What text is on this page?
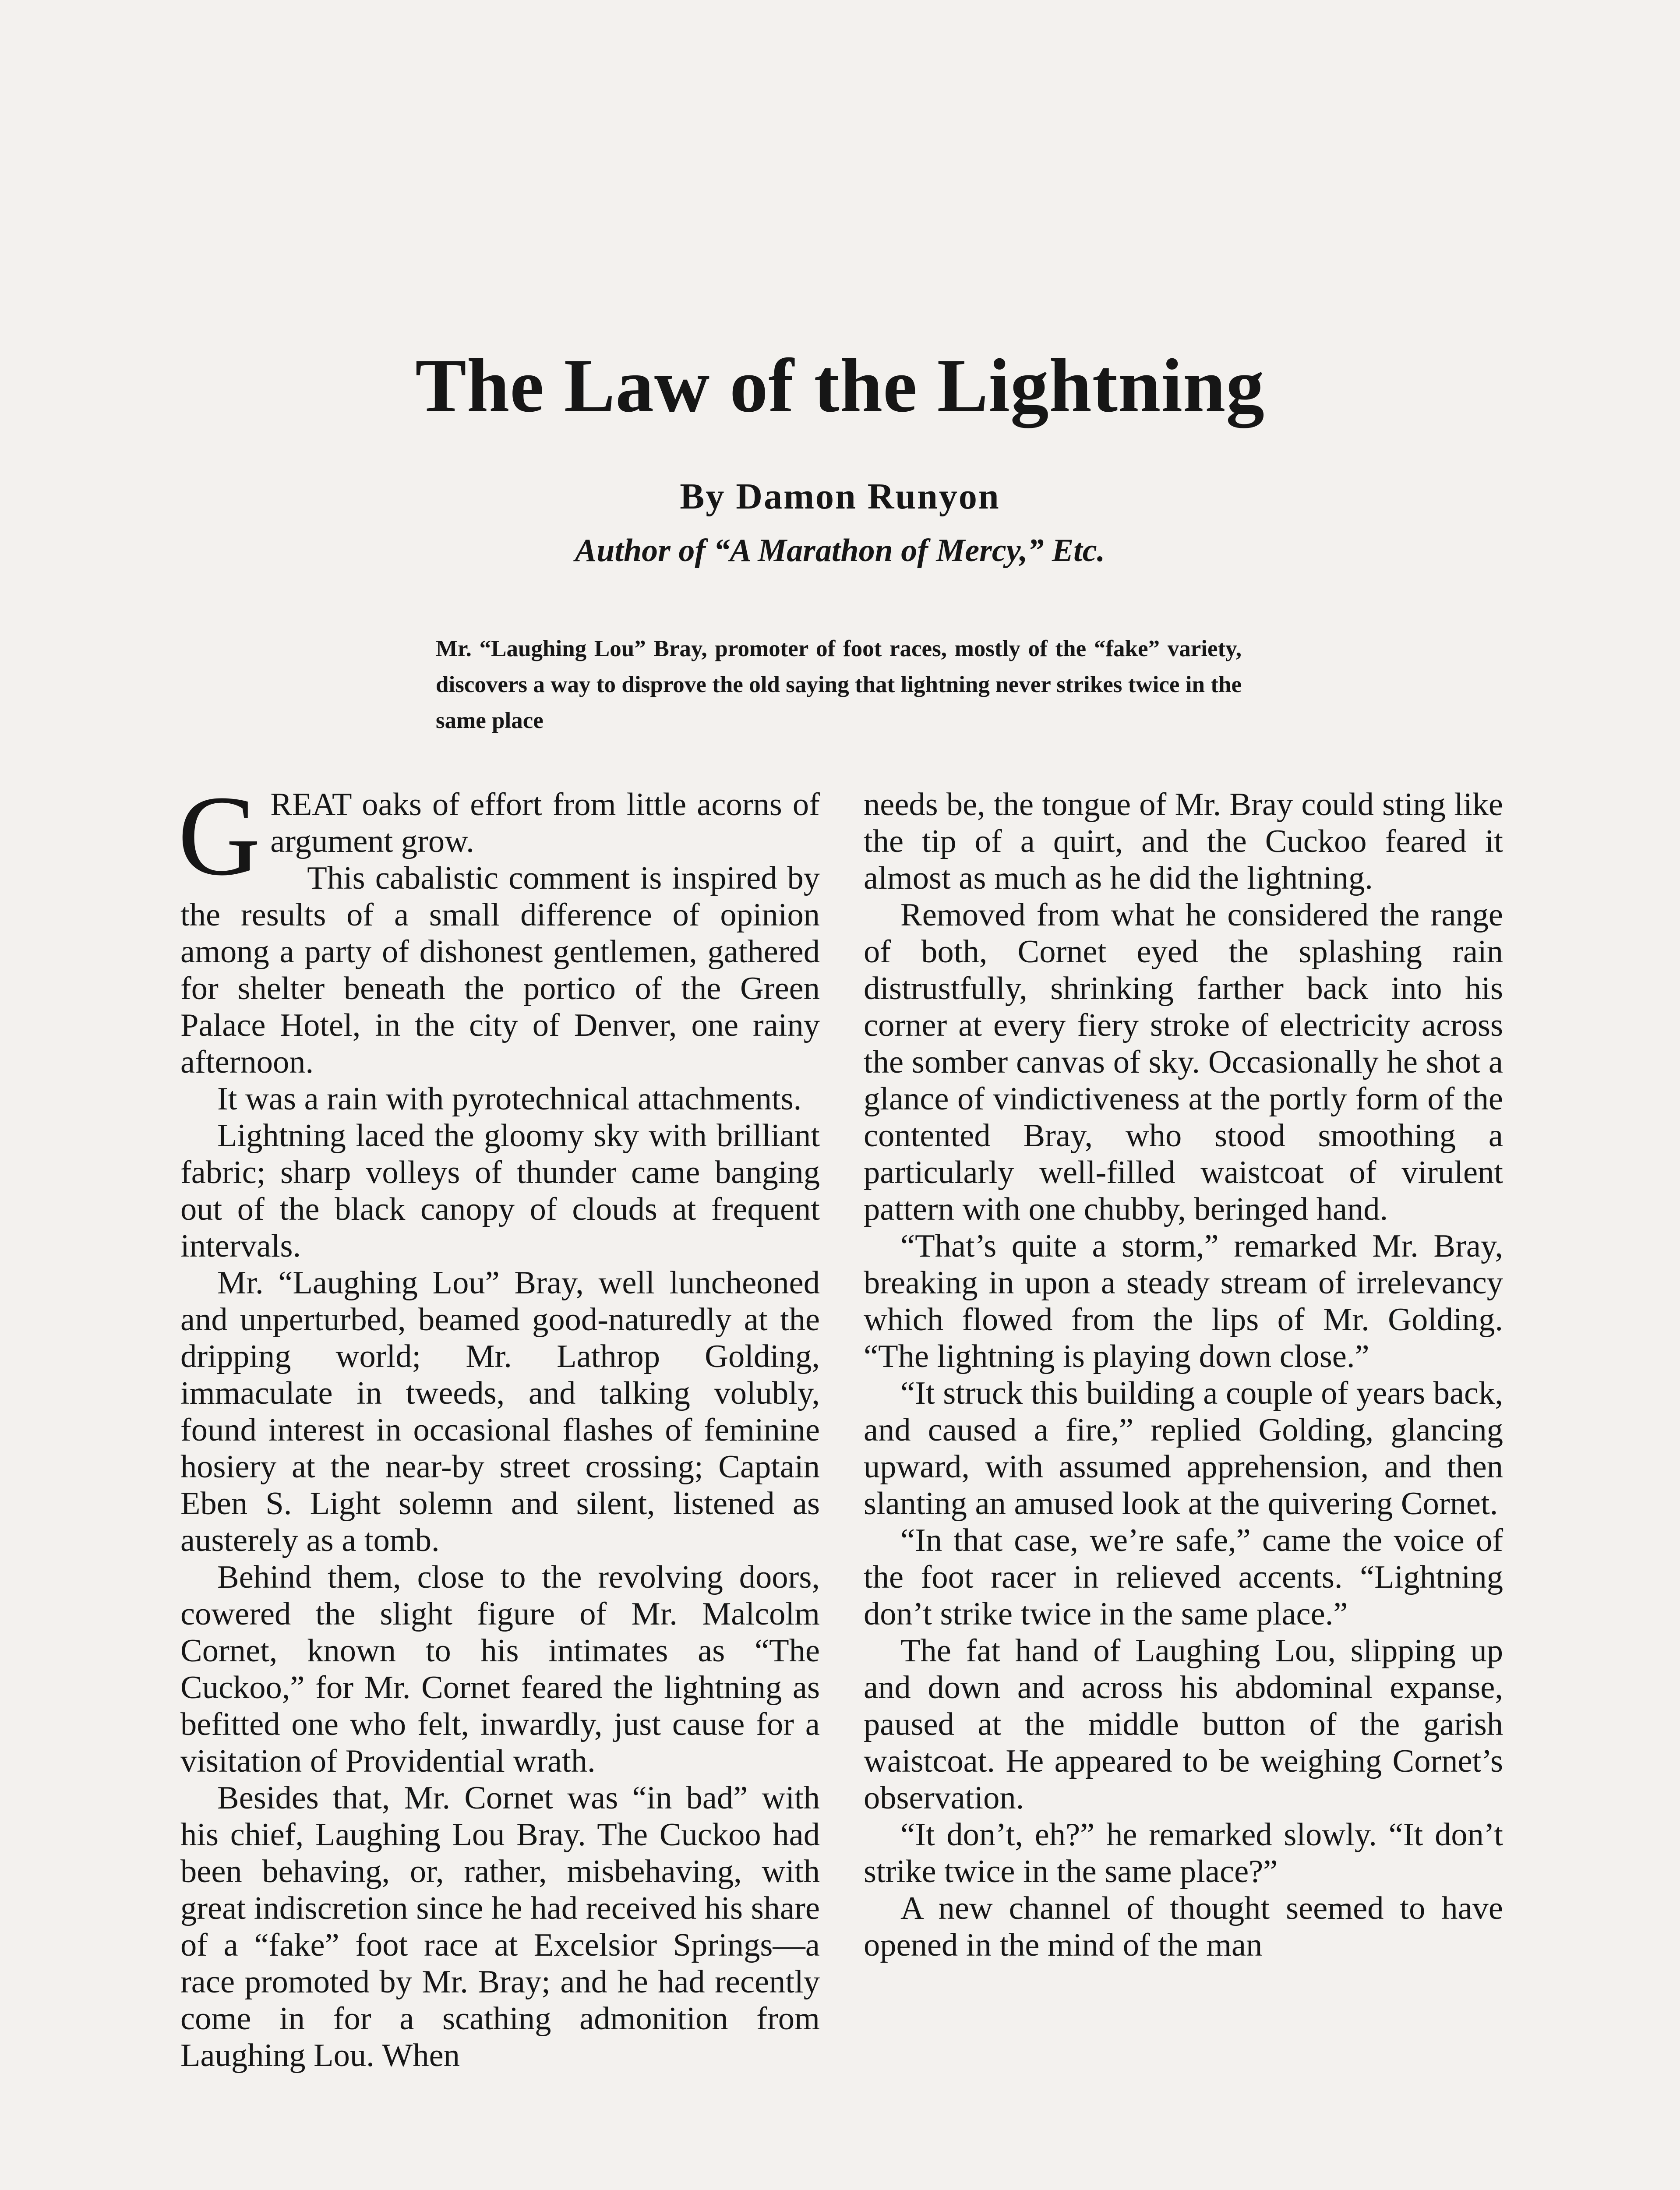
The Law of the Lightning
By Damon Runyon
Author of “A Marathon of Mercy,” Etc.
Mr. “Laughing Lou” Bray, promoter of foot races, mostly of the “fake” variety, discovers a way to disprove the old saying that lightning never strikes twice in the same place

GREAT oaks of effort from little acorns of argument grow.

This cabalistic comment is inspired by the results of a small difference of opinion among a party of dishonest gentlemen, gathered for shelter beneath the portico of the Green Palace Hotel, in the city of Denver, one rainy afternoon.

It was a rain with pyrotechnical attachments.

Lightning laced the gloomy sky with brilliant fabric; sharp volleys of thunder came banging out of the black canopy of clouds at frequent intervals.

Mr. “Laughing Lou” Bray, well luncheoned and unperturbed, beamed good-naturedly at the dripping world; Mr. Lathrop Golding, immaculate in tweeds, and talking volubly, found interest in occasional flashes of feminine hosiery at the near-by street crossing; Captain Eben S. Light solemn and silent, listened as austerely as a tomb.

Behind them, close to the revolving doors, cowered the slight figure of Mr. Malcolm Cornet, known to his intimates as “The Cuckoo,” for Mr. Cornet feared the lightning as befitted one who felt, inwardly, just cause for a visitation of Providential wrath.

Besides that, Mr. Cornet was “in bad” with his chief, Laughing Lou Bray. The Cuckoo had been behaving, or, rather, misbehaving, with great indiscretion since he had received his share of a “fake” foot race at Excelsior Springs—a race promoted by Mr. Bray; and he had recently come in for a scathing admonition from Laughing Lou. When

needs be, the tongue of Mr. Bray could sting like the tip of a quirt, and the Cuckoo feared it almost as much as he did the lightning.

Removed from what he considered the range of both, Cornet eyed the splashing rain distrustfully, shrinking farther back into his corner at every fiery stroke of electricity across the somber canvas of sky. Occasionally he shot a glance of vindictiveness at the portly form of the contented Bray, who stood smoothing a particularly well-filled waistcoat of virulent pattern with one chubby, beringed hand.

“That’s quite a storm,” remarked Mr. Bray, breaking in upon a steady stream of irrelevancy which flowed from the lips of Mr. Golding. “The lightning is playing down close.”

“It struck this building a couple of years back, and caused a fire,” replied Golding, glancing upward, with assumed apprehension, and then slanting an amused look at the quivering Cornet.

“In that case, we’re safe,” came the voice of the foot racer in relieved accents. “Lightning don’t strike twice in the same place.”

The fat hand of Laughing Lou, slipping up and down and across his abdominal expanse, paused at the middle button of the garish waistcoat. He appeared to be weighing Cornet’s observation.

“It don’t, eh?” he remarked slowly. “It don’t strike twice in the same place?”

A new channel of thought seemed to have opened in the mind of the man
